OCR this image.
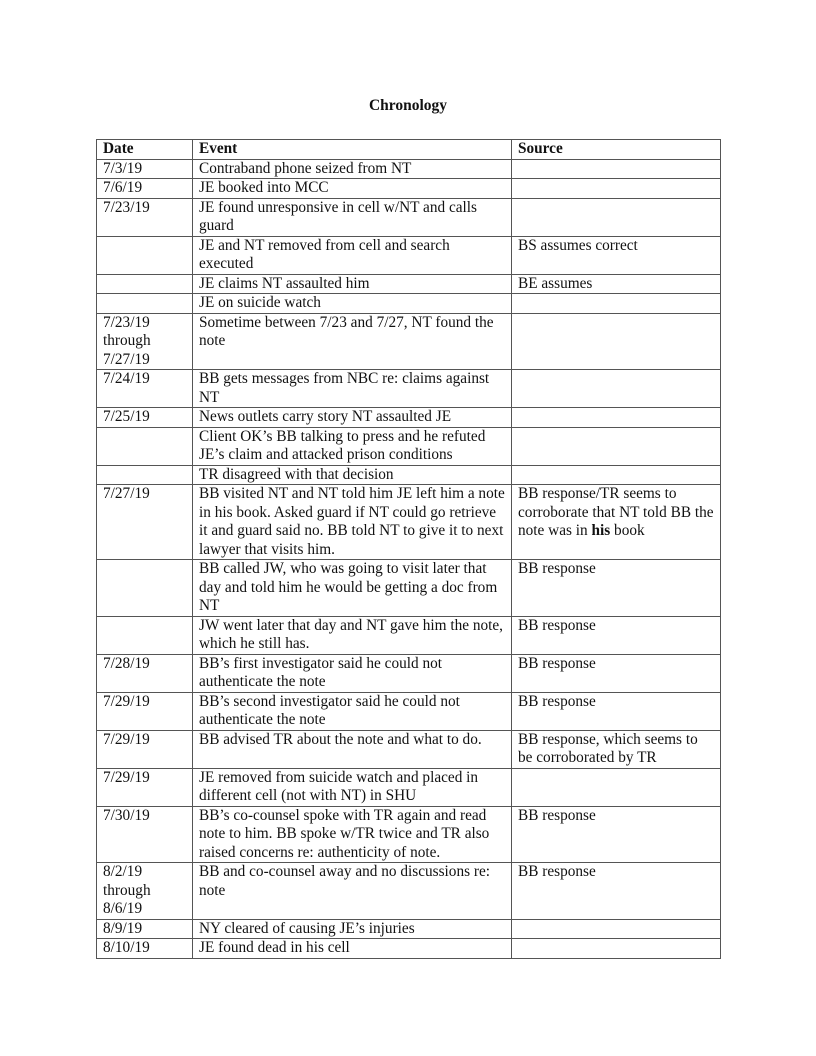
Chronology
Date	Event	Source
7/3/19	Contraband phone seized from NT	
7/6/19	JE booked into MCC	
7/23/19	JE found unresponsive in cell w/NT and calls guard	
	JE and NT removed from cell and search executed	BS assumes correct
	JE claims NT assaulted him	BE assumes
	JE on suicide watch	
7/23/19
through
7/27/19	Sometime between 7/23 and 7/27, NT found the note	
7/24/19	BB gets messages from NBC re: claims against NT	
7/25/19	News outlets carry story NT assaulted JE	
	Client OK’s BB talking to press and he refuted JE’s claim and attacked prison conditions	
	TR disagreed with that decision	
7/27/19	BB visited NT and NT told him JE left him a note in his book. Asked guard if NT could go retrieve it and guard said no. BB told NT to give it to next lawyer that visits him.	BB response/TR seems to corroborate that NT told BB the note was in his book
	BB called JW, who was going to visit later that day and told him he would be getting a doc from NT	BB response
	JW went later that day and NT gave him the note, which he still has.	BB response
7/28/19	BB’s first investigator said he could not authenticate the note	BB response
7/29/19	BB’s second investigator said he could not authenticate the note	BB response
7/29/19	BB advised TR about the note and what to do.	BB response, which seems to be corroborated by TR
7/29/19	JE removed from suicide watch and placed in different cell (not with NT) in SHU	
7/30/19	BB’s co-counsel spoke with TR again and read note to him. BB spoke w/TR twice and TR also raised concerns re: authenticity of note.	BB response
8/2/19
through
8/6/19	BB and co-counsel away and no discussions re: note	BB response
8/9/19	NY cleared of causing JE’s injuries	
8/10/19	JE found dead in his cell	
